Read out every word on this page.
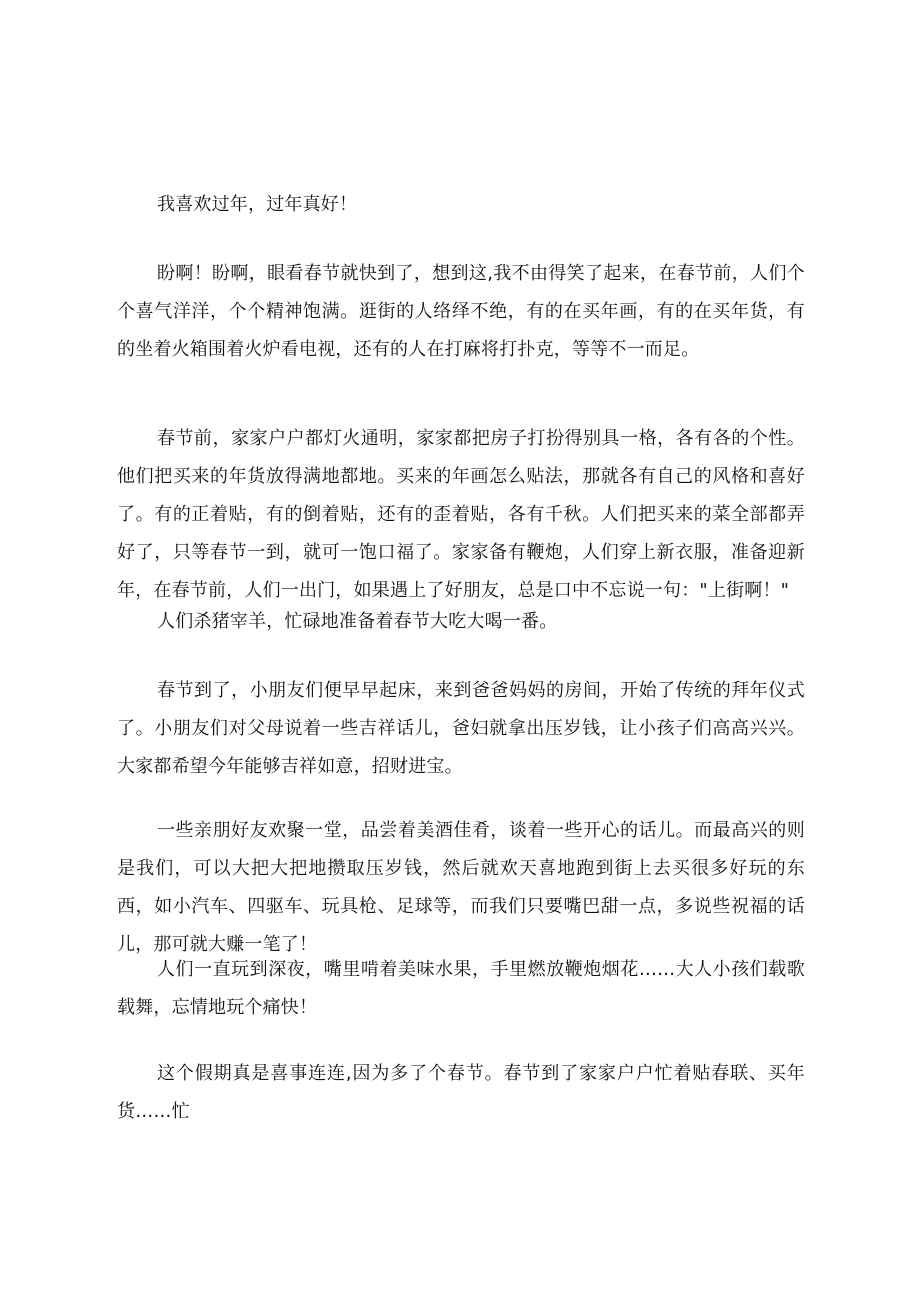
我喜欢过年，过年真好！

盼啊！盼啊，眼看春节就快到了，想到这,我不由得笑了起来，在春节前，人们个个喜气洋洋，个个精神饱满。逛街的人络绎不绝，有的在买年画，有的在买年货，有的坐着火箱围着火炉看电视，还有的人在打麻将打扑克，等等不一而足。

春节前，家家户户都灯火通明，家家都把房子打扮得别具一格，各有各的个性。他们把买来的年货放得满地都地。买来的年画怎么贴法，那就各有自己的风格和喜好了。有的正着贴，有的倒着贴，还有的歪着贴，各有千秋。人们把买来的菜全部都弄好了，只等春节一到，就可一饱口福了。家家备有鞭炮，人们穿上新衣服，准备迎新年，在春节前，人们一出门，如果遇上了好朋友，总是口中不忘说一句："上街啊！"

人们杀猪宰羊，忙碌地准备着春节大吃大喝一番。

春节到了，小朋友们便早早起床，来到爸爸妈妈的房间，开始了传统的拜年仪式了。小朋友们对父母说着一些吉祥话儿，爸妇就拿出压岁钱，让小孩子们高高兴兴。大家都希望今年能够吉祥如意，招财进宝。

一些亲朋好友欢聚一堂，品尝着美酒佳肴，谈着一些开心的话儿。而最高兴的则是我们，可以大把大把地攒取压岁钱，然后就欢天喜地跑到街上去买很多好玩的东西，如小汽车、四驱车、玩具枪、足球等，而我们只要嘴巴甜一点，多说些祝福的话儿，那可就大赚一笔了！

人们一直玩到深夜，嘴里啃着美味水果，手里燃放鞭炮烟花……大人小孩们载歌载舞，忘情地玩个痛快！

这个假期真是喜事连连,因为多了个春节。春节到了家家户户忙着贴春联、买年货……忙
